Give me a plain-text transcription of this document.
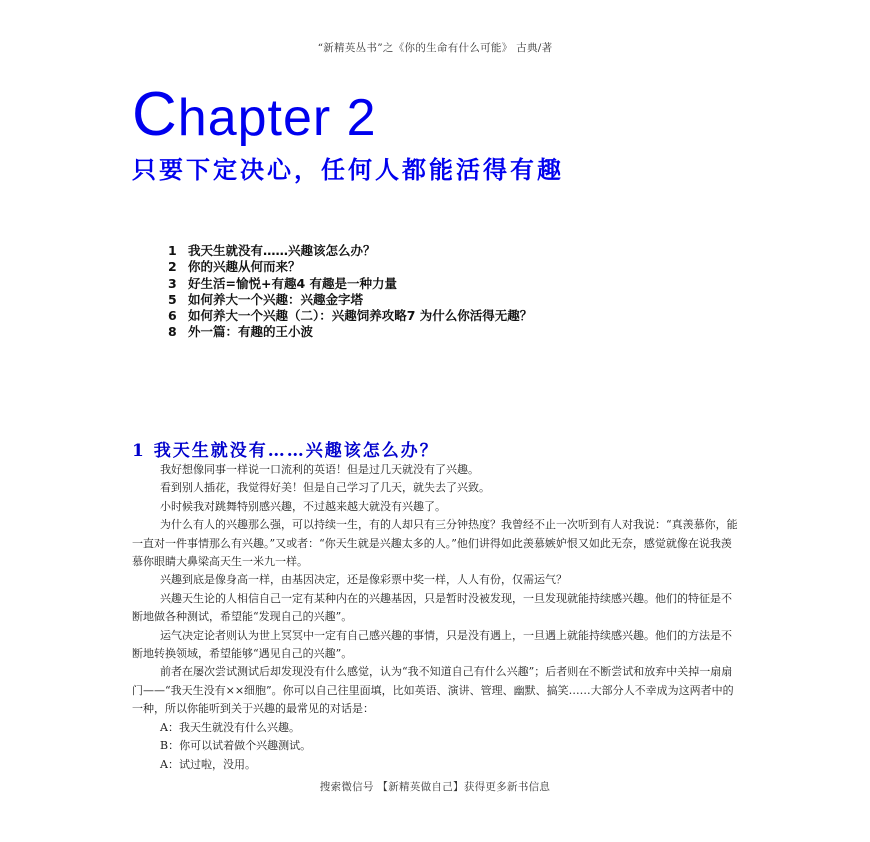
“新精英丛书”之《你的生命有什么可能》 古典/著
Chapter 2
只要下定决心，任何人都能活得有趣
1 我天生就没有……兴趣该怎么办？
2 你的兴趣从何而来？
3 好生活=愉悦+有趣4 有趣是一种力量
5 如何养大一个兴趣：兴趣金字塔
6 如何养大一个兴趣（二）：兴趣饲养攻略7 为什么你活得无趣？
8 外一篇：有趣的王小波
1 我天生就没有……兴趣该怎么办？

我好想像同事一样说一口流利的英语！但是过几天就没有了兴趣。

看到别人插花，我觉得好美！但是自己学习了几天，就失去了兴致。

小时候我对跳舞特别感兴趣，不过越来越大就没有兴趣了。

为什么有人的兴趣那么强，可以持续一生，有的人却只有三分钟热度？我曾经不止一次听到有人对我说：“真羡慕你，能一直对一件事情那么有兴趣。”又或者：“你天生就是兴趣太多的人。”他们讲得如此羡慕嫉妒恨又如此无奈，感觉就像在说我羡慕你眼睛大鼻梁高天生一米九一样。

兴趣到底是像身高一样，由基因决定，还是像彩票中奖一样，人人有份，仅需运气？

兴趣天生论的人相信自己一定有某种内在的兴趣基因，只是暂时没被发现，一旦发现就能持续感兴趣。他们的特征是不断地做各种测试，希望能“发现自己的兴趣”。

运气决定论者则认为世上冥冥中一定有自己感兴趣的事情，只是没有遇上，一旦遇上就能持续感兴趣。他们的方法是不断地转换领域，希望能够“遇见自己的兴趣”。

前者在屡次尝试测试后却发现没有什么感觉，认为“我不知道自己有什么兴趣”；后者则在不断尝试和放弃中关掉一扇扇门——“我天生没有××细胞”。你可以自己往里面填，比如英语、演讲、管理、幽默、搞笑……大部分人不幸成为这两者中的一种，所以你能听到关于兴趣的最常见的对话是：

A：我天生就没有什么兴趣。

B：你可以试着做个兴趣测试。

A：试过啦，没用。

搜索微信号 【新精英做自己】获得更多新书信息
